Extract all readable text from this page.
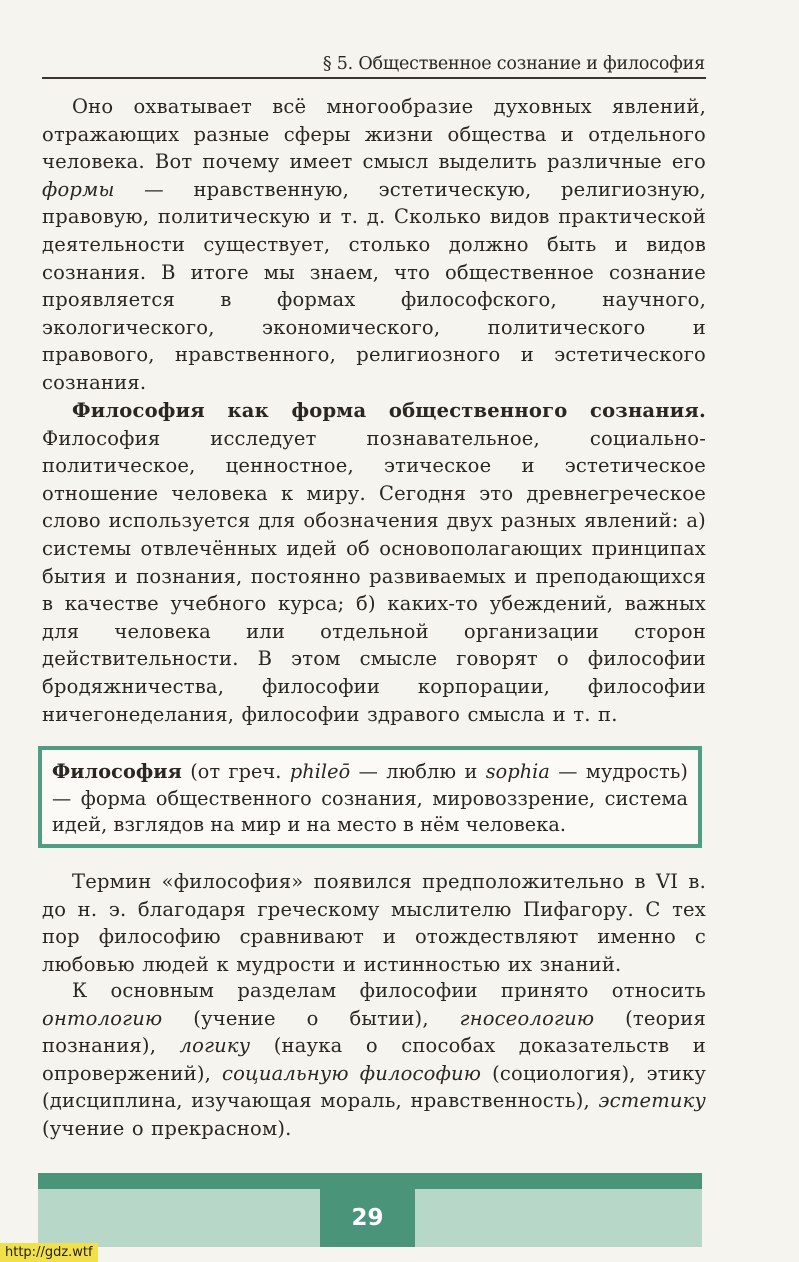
§ 5. Общественное сознание и философия

Оно охватывает всё многообразие духовных явлений, отражающих разные сферы жизни общества и отдельного человека. Вот почему имеет смысл выделить различные его формы — нравственную, эстетическую, религиозную, правовую, политическую и т. д. Сколько видов практической деятельности существует, столько должно быть и видов сознания. В итоге мы знаем, что общественное сознание проявляется в формах философского, научного, экологического, экономического, политического и правового, нравственного, религиозного и эстетического сознания.

Философия как форма общественного сознания. Философия исследует познавательное, социально-политическое, ценностное, этическое и эстетическое отношение человека к миру. Сегодня это древнегреческое слово используется для обозначения двух разных явлений: а) системы отвлечённых идей об основополагающих принципах бытия и познания, постоянно развиваемых и преподающихся в качестве учебного курса; б) каких-то убеждений, важных для человека или отдельной организации сторон действительности. В этом смысле говорят о философии бродяжничества, философии корпорации, философии ничегонеделания, философии здравого смысла и т. п.

Философия (от греч. phileō — люблю и sophia — мудрость) — форма общественного сознания, мировоззрение, система идей, взглядов на мир и на место в нём человека.

Термин «философия» появился предположительно в VI в. до н. э. благодаря греческому мыслителю Пифагору. С тех пор философию сравнивают и отождествляют именно с любовью людей к мудрости и истинностью их знаний.

К основным разделам философии принято относить онтологию (учение о бытии), гносеологию (теория познания), логику (наука о способах доказательств и опровержений), социальную философию (социология), этику (дисциплина, изучающая мораль, нравственность), эстетику (учение о прекрасном).

29
http://gdz.wtf
